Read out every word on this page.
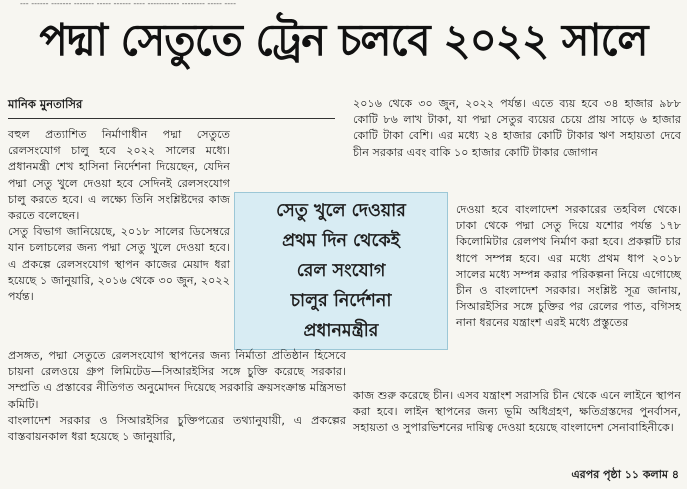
--- ------ ------- ------- ----- ------ ---- ----------- -------- ----- ----
পদ্মা সেতুতে ট্রেন চলবে ২০২২ সালে
মানিক মুনতাসির
বহুল প্রত্যাশিত নির্মাণাধীন পদ্মা সেতুতে রেলসংযোগ চালু হবে ২০২২ সালের মধ্যে। প্রধানমন্ত্রী শেখ হাসিনা নির্দেশনা দিয়েছেন, যেদিন পদ্মা সেতু খুলে দেওয়া হবে সেদিনই রেলসংযোগ চালু করতে হবে। এ লক্ষ্যে তিনি সংশ্লিষ্টদের কাজ করতে বলেছেন।
সেতু বিভাগ জানিয়েছে, ২০১৮ সালের ডিসেম্বরে যান চলাচলের জন্য পদ্মা সেতু খুলে দেওয়া হবে। এ প্রকল্পে রেলসংযোগ স্থাপন কাজের মেয়াদ ধরা হয়েছে ১ জানুয়ারি, ২০১৬ থেকে ৩০ জুন, ২০২২ পর্যন্ত।
সেতু খুলে দেওয়ার
প্রথম দিন থেকেই
রেল সংযোগ
চালুর নির্দেশনা
প্রধানমন্ত্রীর
প্রসঙ্গত, পদ্মা সেতুতে রেলসংযোগ স্থাপনের জন্য নির্মাতা প্রতিষ্ঠান হিসেবে চায়না রেলওয়ে গ্রুপ লিমিটেড—সিআরইসির সঙ্গে চুক্তি করেছে সরকার। সম্প্রতি এ প্রস্তাবের নীতিগত অনুমোদন দিয়েছে সরকারি ক্রয়সংক্রান্ত মন্ত্রিসভা কমিটি।
বাংলাদেশ সরকার ও সিআরইসির চুক্তিপত্রের তথ্যানুযায়ী, এ প্রকল্পের বাস্তবায়নকাল ধরা হয়েছে ১ জানুয়ারি,
২০১৬ থেকে ৩০ জুন, ২০২২ পর্যন্ত। এতে ব্যয় হবে ৩৪ হাজার ৯৮৮ কোটি ৮৬ লাখ টাকা, যা পদ্মা সেতুর ব্যয়ের চেয়ে প্রায় সাড়ে ৬ হাজার কোটি টাকা বেশি। এর মধ্যে ২৪ হাজার কোটি টাকার ঋণ সহায়তা দেবে চীন সরকার এবং বাকি ১০ হাজার কোটি টাকার জোগান
দেওয়া হবে বাংলাদেশ সরকারের তহবিল থেকে। ঢাকা থেকে পদ্মা সেতু দিয়ে যশোর পর্যন্ত ১৭৮ কিলোমিটার রেলপথ নির্মাণ করা হবে। প্রকল্পটি চার ধাপে সম্পন্ন হবে। এর মধ্যে প্রথম ধাপ ২০১৮ সালের মধ্যে সম্পন্ন করার পরিকল্পনা নিয়ে এগোচ্ছে চীন ও বাংলাদেশ সরকার। সংশ্লিষ্ট সূত্র জানায়, সিআরইসির সঙ্গে চুক্তির পর রেলের পাত, বগিসহ নানা ধরনের যন্ত্রাংশ এরই মধ্যে প্রস্তুতের
কাজ শুরু করেছে চীন। এসব যন্ত্রাংশ সরাসরি চীন থেকে এনে লাইনে স্থাপন করা হবে। লাইন স্থাপনের জন্য ভূমি অধিগ্রহণ, ক্ষতিগ্রস্তদের পুনর্বাসন, সহায়তা ও সুপারভিশনের দায়িত্ব দেওয়া হয়েছে বাংলাদেশ সেনাবাহিনীকে।
এরপর পৃষ্ঠা ১১ কলাম ৪
